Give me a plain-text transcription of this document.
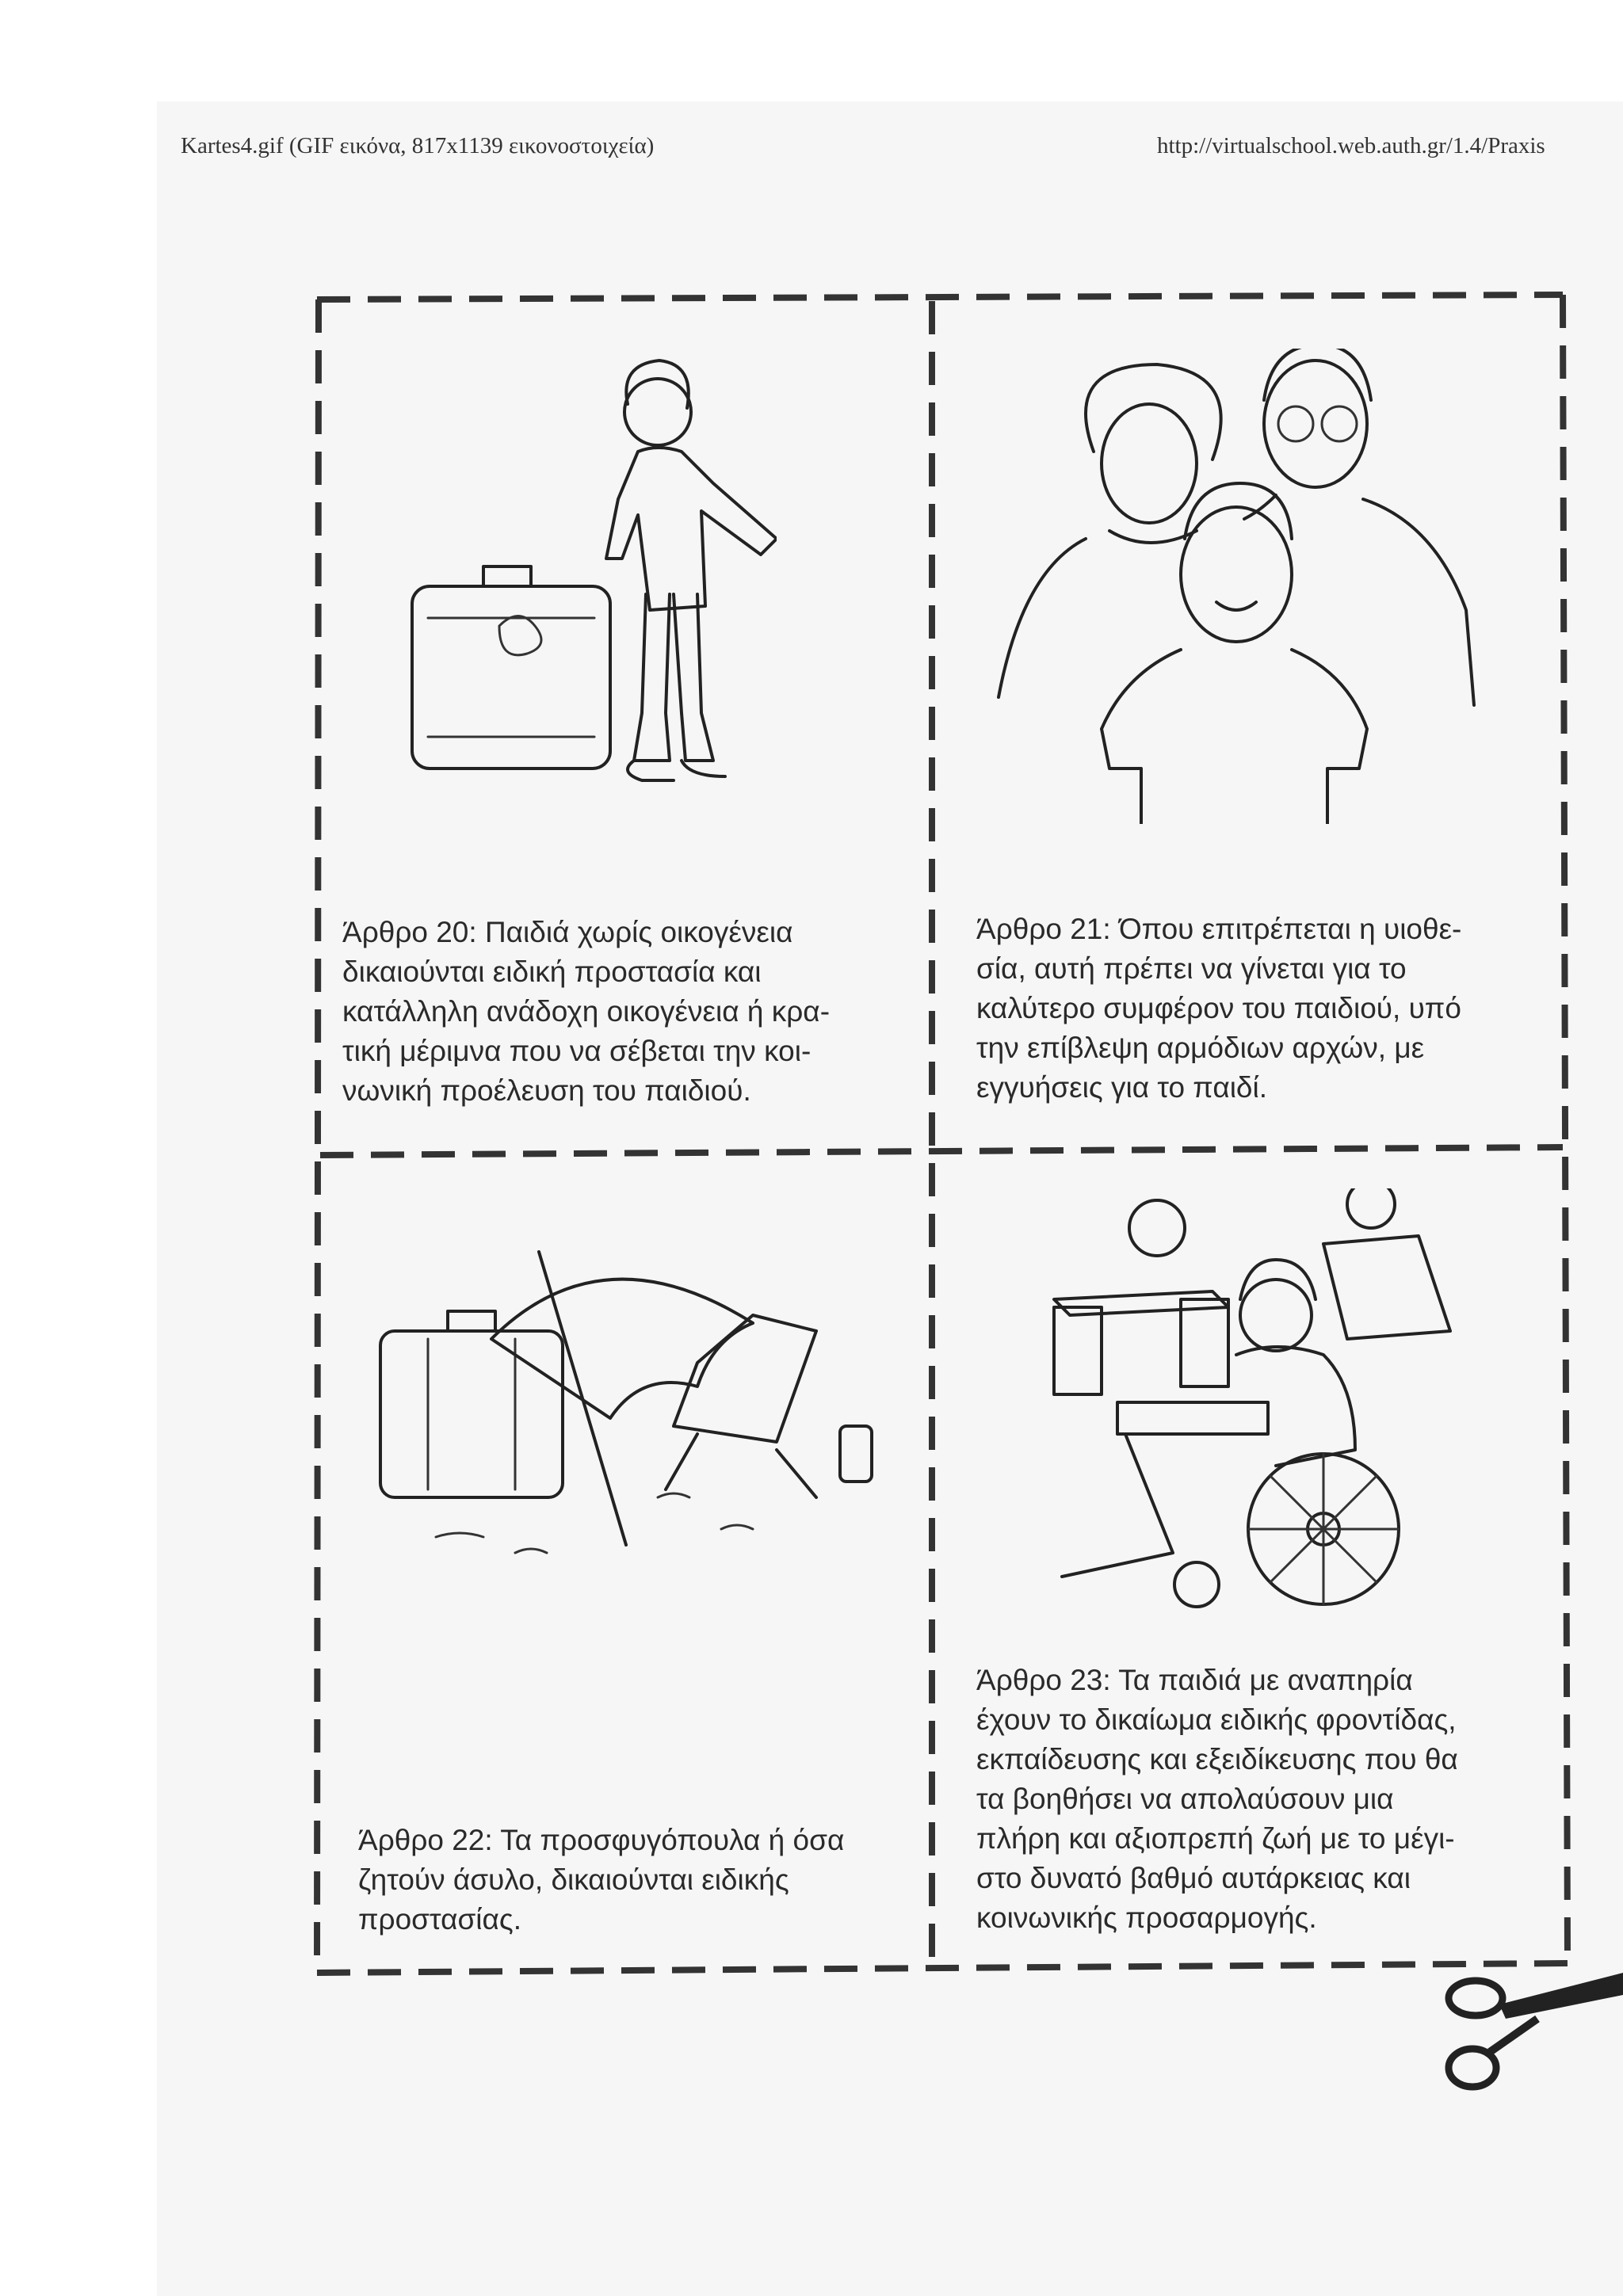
Kartes4.gif (GIF εικόνα, 817x1139 εικονοστοιχεία)	http://virtualschool.web.auth.gr/1.4/Praxis
Άρθρο 20: Παιδιά χωρίς οικογένεια
δικαιούνται ειδική προστασία και
κατάλληλη ανάδοχη οικογένεια ή κρα-
τική μέριμνα που να σέβεται την κοι-
νωνική προέλευση του παιδιού.
Άρθρο 21: Όπου επιτρέπεται η υιοθε-
σία, αυτή πρέπει να γίνεται για το
καλύτερο συμφέρον του παιδιού, υπό
την επίβλεψη αρμόδιων αρχών, με
εγγυήσεις για το παιδί.
Άρθρο 22: Τα προσφυγόπουλα ή όσα
ζητούν άσυλο, δικαιούνται ειδικής
προστασίας.
Άρθρο 23: Τα παιδιά με αναπηρία
έχουν το δικαίωμα ειδικής φροντίδας,
εκπαίδευσης και εξειδίκευσης που θα
τα βοηθήσει να απολαύσουν μια
πλήρη και αξιοπρεπή ζωή με το μέγι-
στο δυνατό βαθμό αυτάρκειας και
κοινωνικής προσαρμογής.
